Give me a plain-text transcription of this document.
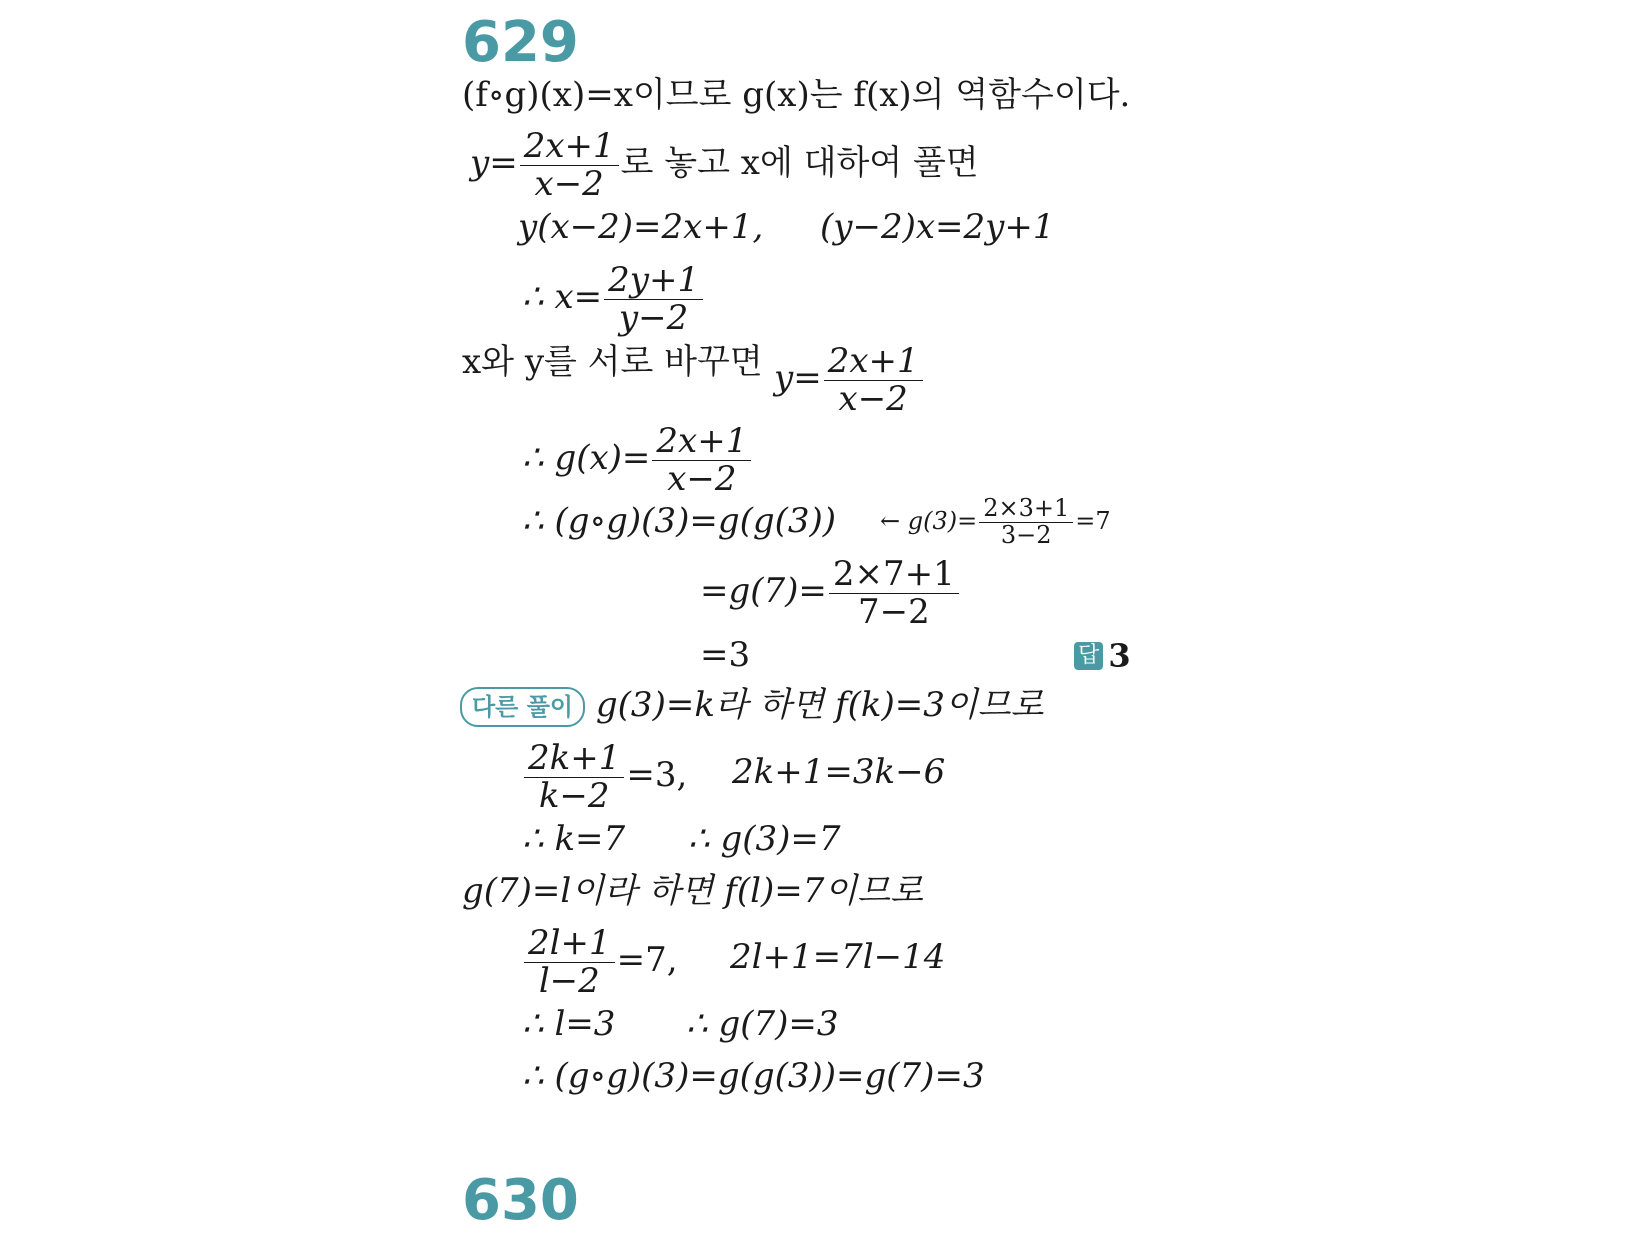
629
(f∘g)(x)=x이므로 g(x)는 f(x)의 역함수이다.
$y= \frac{2x+1}{x-2}$ 로 놓고 x에 대하여 풀면
y(x−2)=2x+1, (y−2)x=2y+1
∴ $x= \frac{2y+1}{y-2}$
x와 y를 서로 바꾸면 $y= \frac{2x+1}{x-2}$
∴ $g(x)= \frac{2x+1}{x-2}$
∴ (g∘g)(3)=g(g(3)) ← $g(3)= \frac{2\times 3+1}{3-2} =7$
$=g(7)= \frac{2\times 7+1}{7-2}$
=3	답 3
다른 풀이 g(3)=k라 하면 f(k)=3이므로
$\frac{2k+1}{k-2} =3$, 2k+1=3k−6
∴ k=7 ∴ g(3)=7
g(7)=l이라 하면 f(l)=7이므로
$\frac{2l+1}{l-2} =7$, 2l+1=7l−14
∴ l=3 ∴ g(7)=3
∴ (g∘g)(3)=g(g(3))=g(7)=3
630
